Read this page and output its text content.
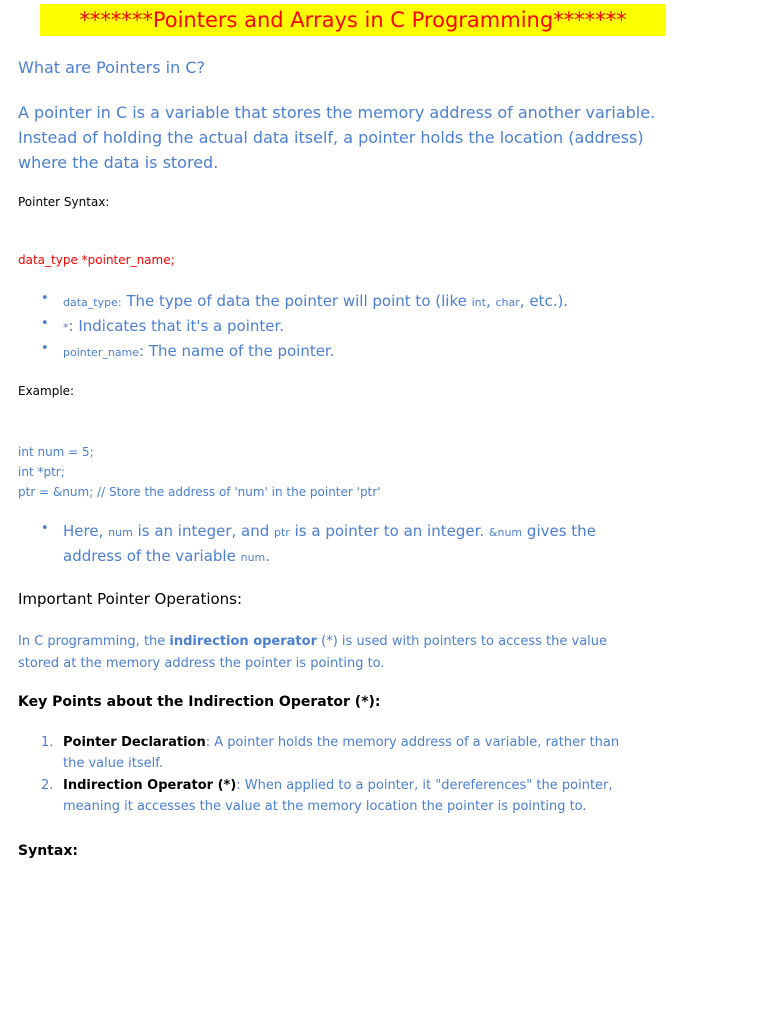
*******Pointers and Arrays in C Programming*******
What are Pointers in C?
A pointer in C is a variable that stores the memory address of another variable.
Instead of holding the actual data itself, a pointer holds the location (address)
where the data is stored.
Pointer Syntax:
data_type *pointer_name;
• data_type: The type of data the pointer will point to (like int, char, etc.).
• *: Indicates that it's a pointer.
• pointer_name: The name of the pointer.
Example:
int num = 5;
int *ptr;
ptr = &num; // Store the address of 'num' in the pointer 'ptr'
• Here, num is an integer, and ptr is a pointer to an integer. &num gives the
address of the variable num.
Important Pointer Operations:
In C programming, the indirection operator (*) is used with pointers to access the value
stored at the memory address the pointer is pointing to.
Key Points about the Indirection Operator (*):
1. Pointer Declaration: A pointer holds the memory address of a variable, rather than
the value itself.
2. Indirection Operator (*): When applied to a pointer, it "dereferences" the pointer,
meaning it accesses the value at the memory location the pointer is pointing to.
Syntax:
